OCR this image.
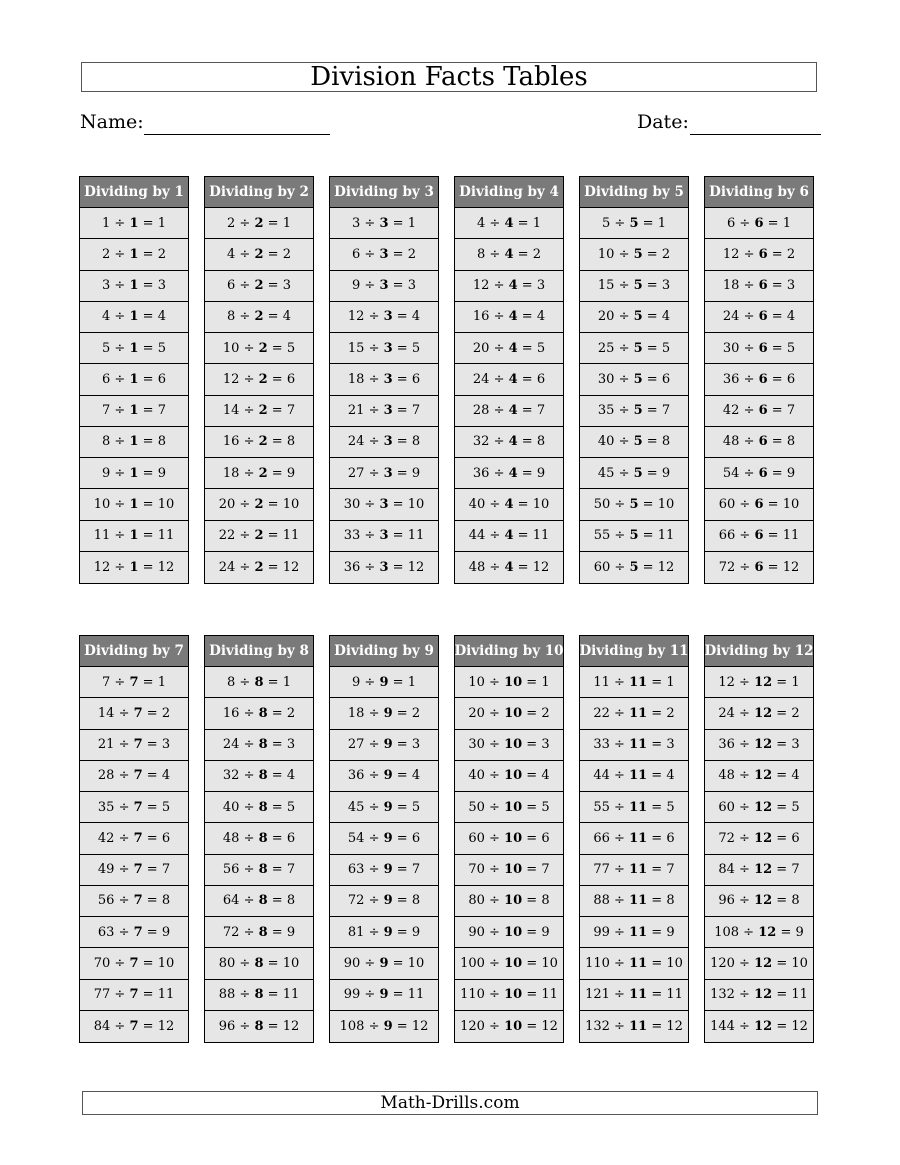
Division Facts Tables
Name:	Date:
Dividing by 1
1 ÷ 1 = 1
2 ÷ 1 = 2
3 ÷ 1 = 3
4 ÷ 1 = 4
5 ÷ 1 = 5
6 ÷ 1 = 6
7 ÷ 1 = 7
8 ÷ 1 = 8
9 ÷ 1 = 9
10 ÷ 1 = 10
11 ÷ 1 = 11
12 ÷ 1 = 12
Dividing by 2
2 ÷ 2 = 1
4 ÷ 2 = 2
6 ÷ 2 = 3
8 ÷ 2 = 4
10 ÷ 2 = 5
12 ÷ 2 = 6
14 ÷ 2 = 7
16 ÷ 2 = 8
18 ÷ 2 = 9
20 ÷ 2 = 10
22 ÷ 2 = 11
24 ÷ 2 = 12
Dividing by 3
3 ÷ 3 = 1
6 ÷ 3 = 2
9 ÷ 3 = 3
12 ÷ 3 = 4
15 ÷ 3 = 5
18 ÷ 3 = 6
21 ÷ 3 = 7
24 ÷ 3 = 8
27 ÷ 3 = 9
30 ÷ 3 = 10
33 ÷ 3 = 11
36 ÷ 3 = 12
Dividing by 4
4 ÷ 4 = 1
8 ÷ 4 = 2
12 ÷ 4 = 3
16 ÷ 4 = 4
20 ÷ 4 = 5
24 ÷ 4 = 6
28 ÷ 4 = 7
32 ÷ 4 = 8
36 ÷ 4 = 9
40 ÷ 4 = 10
44 ÷ 4 = 11
48 ÷ 4 = 12
Dividing by 5
5 ÷ 5 = 1
10 ÷ 5 = 2
15 ÷ 5 = 3
20 ÷ 5 = 4
25 ÷ 5 = 5
30 ÷ 5 = 6
35 ÷ 5 = 7
40 ÷ 5 = 8
45 ÷ 5 = 9
50 ÷ 5 = 10
55 ÷ 5 = 11
60 ÷ 5 = 12
Dividing by 6
6 ÷ 6 = 1
12 ÷ 6 = 2
18 ÷ 6 = 3
24 ÷ 6 = 4
30 ÷ 6 = 5
36 ÷ 6 = 6
42 ÷ 6 = 7
48 ÷ 6 = 8
54 ÷ 6 = 9
60 ÷ 6 = 10
66 ÷ 6 = 11
72 ÷ 6 = 12
Dividing by 7
7 ÷ 7 = 1
14 ÷ 7 = 2
21 ÷ 7 = 3
28 ÷ 7 = 4
35 ÷ 7 = 5
42 ÷ 7 = 6
49 ÷ 7 = 7
56 ÷ 7 = 8
63 ÷ 7 = 9
70 ÷ 7 = 10
77 ÷ 7 = 11
84 ÷ 7 = 12
Dividing by 8
8 ÷ 8 = 1
16 ÷ 8 = 2
24 ÷ 8 = 3
32 ÷ 8 = 4
40 ÷ 8 = 5
48 ÷ 8 = 6
56 ÷ 8 = 7
64 ÷ 8 = 8
72 ÷ 8 = 9
80 ÷ 8 = 10
88 ÷ 8 = 11
96 ÷ 8 = 12
Dividing by 9
9 ÷ 9 = 1
18 ÷ 9 = 2
27 ÷ 9 = 3
36 ÷ 9 = 4
45 ÷ 9 = 5
54 ÷ 9 = 6
63 ÷ 9 = 7
72 ÷ 9 = 8
81 ÷ 9 = 9
90 ÷ 9 = 10
99 ÷ 9 = 11
108 ÷ 9 = 12
Dividing by 10
10 ÷ 10 = 1
20 ÷ 10 = 2
30 ÷ 10 = 3
40 ÷ 10 = 4
50 ÷ 10 = 5
60 ÷ 10 = 6
70 ÷ 10 = 7
80 ÷ 10 = 8
90 ÷ 10 = 9
100 ÷ 10 = 10
110 ÷ 10 = 11
120 ÷ 10 = 12
Dividing by 11
11 ÷ 11 = 1
22 ÷ 11 = 2
33 ÷ 11 = 3
44 ÷ 11 = 4
55 ÷ 11 = 5
66 ÷ 11 = 6
77 ÷ 11 = 7
88 ÷ 11 = 8
99 ÷ 11 = 9
110 ÷ 11 = 10
121 ÷ 11 = 11
132 ÷ 11 = 12
Dividing by 12
12 ÷ 12 = 1
24 ÷ 12 = 2
36 ÷ 12 = 3
48 ÷ 12 = 4
60 ÷ 12 = 5
72 ÷ 12 = 6
84 ÷ 12 = 7
96 ÷ 12 = 8
108 ÷ 12 = 9
120 ÷ 12 = 10
132 ÷ 12 = 11
144 ÷ 12 = 12
Math-Drills.com
